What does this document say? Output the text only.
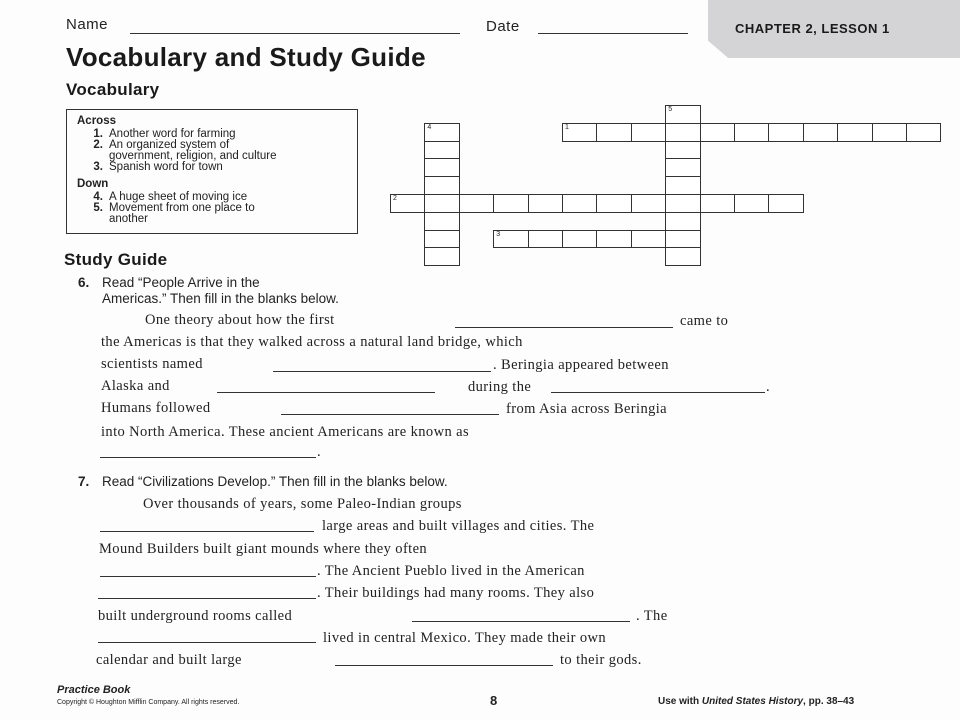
Name	Date	CHAPTER 2, LESSON 1
Vocabulary and Study Guide
Vocabulary
Across
1. Another word for farming
2. An organized system of
government, religion, and culture
3. Spanish word for town
Down
4. A huge sheet of moving ice
5. Movement from one place to
another
1
2
3
4
5
Study Guide
6. Read “People Arrive in the
Americas.” Then fill in the blanks below.
One theory about how the first	came to
the Americas is that they walked across a natural land bridge, which
scientists named	. Beringia appeared between
Alaska and	during the	.
Humans followed	from Asia across Beringia
into North America. These ancient Americans are known as
.
7. Read “Civilizations Develop.” Then fill in the blanks below.
Over thousands of years, some Paleo-Indian groups
large areas and built villages and cities. The
Mound Builders built giant mounds where they often
. The Ancient Pueblo lived in the American
. Their buildings had many rooms. They also
built underground rooms called	. The
lived in central Mexico. They made their own
calendar and built large	to their gods.
Practice Book
Copyright © Houghton Mifflin Company. All rights reserved.	8	Use with United States History, pp. 38–43
